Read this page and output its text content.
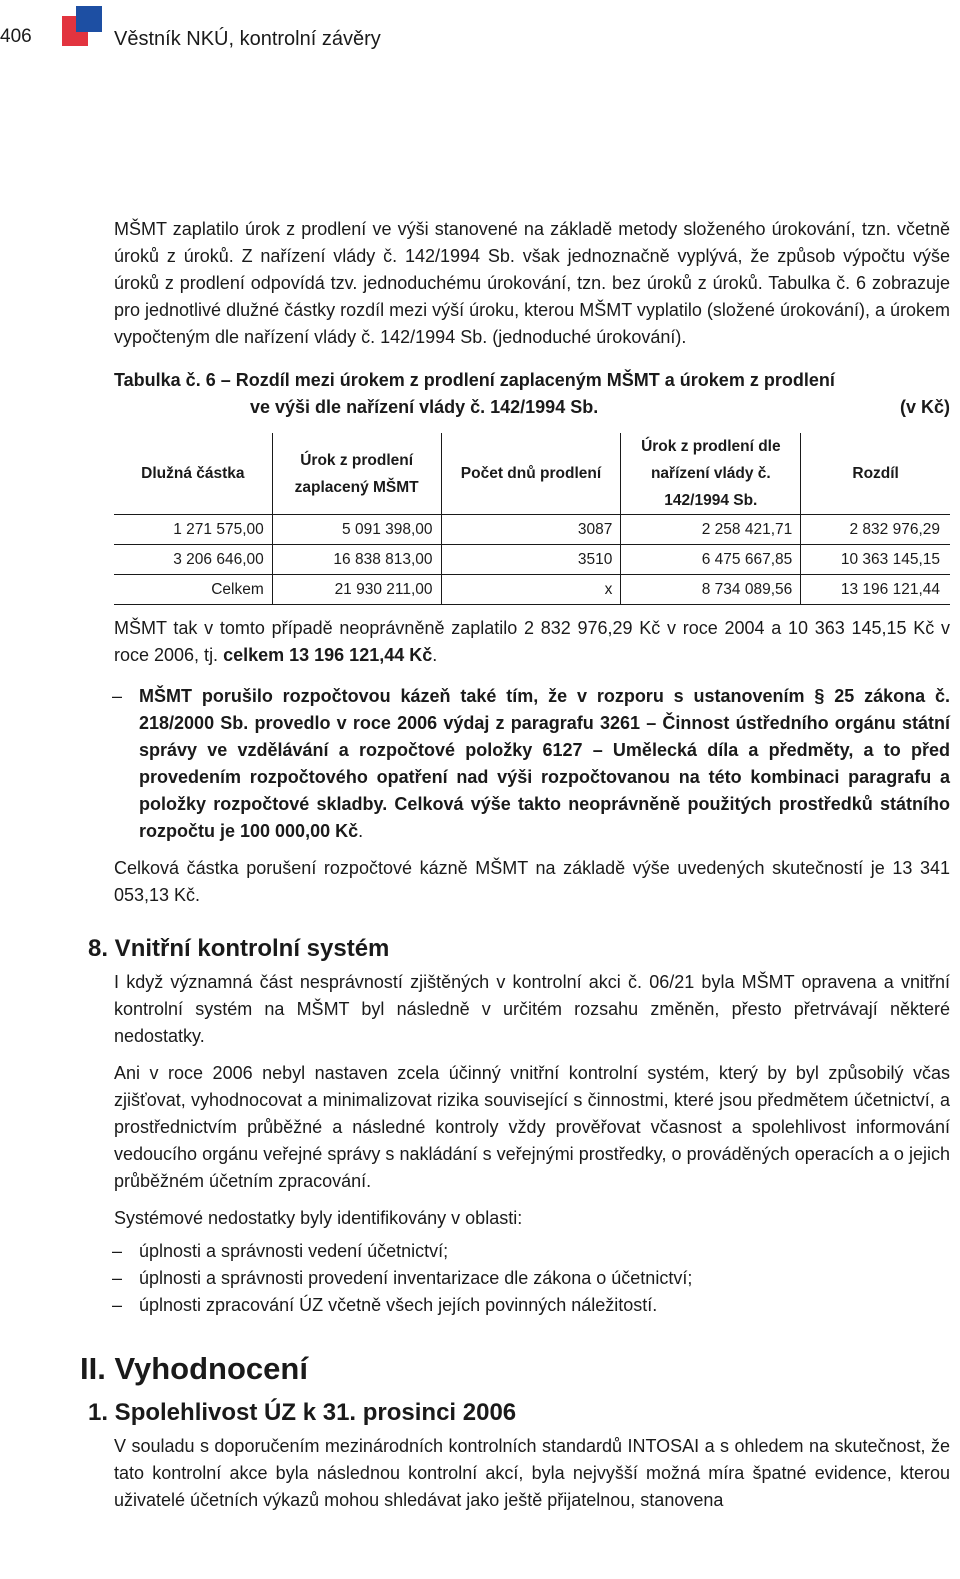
406	Věstník NKÚ, kontrolní závěry

MŠMT zaplatilo úrok z prodlení ve výši stanovené na základě metody složeného úrokování, tzn. včetně úroků z úroků. Z nařízení vlády č. 142/1994 Sb. však jednoznačně vyplývá, že způsob výpočtu výše úroků z prodlení odpovídá tzv. jednoduchému úrokování, tzn. bez úroků z úroků. Tabulka č. 6 zobrazuje pro jednotlivé dlužné částky rozdíl mezi výší úroku, kterou MŠMT vyplatilo (složené úrokování), a úrokem vypočteným dle nařízení vlády č. 142/1994 Sb. (jednoduché úrokování).

Tabulka č. 6 – Rozdíl mezi úrokem z prodlení zaplaceným MŠMT a úrokem z prodlení
ve výši dle nařízení vlády č. 142/1994 Sb.	(v Kč)
Dlužná částka	Úrok z prodlení zaplacený MŠMT	Počet dnů prodlení	Úrok z prodlení dle nařízení vlády č. 142/1994 Sb.	Rozdíl
1 271 575,00	5 091 398,00	3087	2 258 421,71	2 832 976,29
3 206 646,00	16 838 813,00	3510	6 475 667,85	10 363 145,15
Celkem	21 930 211,00	x	8 734 089,56	13 196 121,44

MŠMT tak v tomto případě neoprávněně zaplatilo 2 832 976,29 Kč v roce 2004 a 10 363 145,15 Kč v roce 2006, tj. celkem 13 196 121,44 Kč.

– MŠMT porušilo rozpočtovou kázeň také tím, že v rozporu s ustanovením § 25 zákona č. 218/2000 Sb. provedlo v roce 2006 výdaj z paragrafu 3261 – Činnost ústředního orgánu státní správy ve vzdělávání a rozpočtové položky 6127 – Umělecká díla a předměty, a to před provedením rozpočtového opatření nad výši rozpočtovanou na této kombinaci paragrafu a položky rozpočtové skladby. Celková výše takto neoprávněně použitých prostředků státního rozpočtu je 100 000,00 Kč.

Celková částka porušení rozpočtové kázně MŠMT na základě výše uvedených skutečností je 13 341 053,13 Kč.

8. Vnitřní kontrolní systém

I když významná část nesprávností zjištěných v kontrolní akci č. 06/21 byla MŠMT opravena a vnitřní kontrolní systém na MŠMT byl následně v určitém rozsahu změněn, přesto přetrvávají některé nedostatky.

Ani v roce 2006 nebyl nastaven zcela účinný vnitřní kontrolní systém, který by byl způsobilý včas zjišťovat, vyhodnocovat a minimalizovat rizika související s činnostmi, které jsou předmětem účetnictví, a prostřednictvím průběžné a následné kontroly vždy prověřovat včasnost a spolehlivost informování vedoucího orgánu veřejné správy s nakládání s veřejnými prostředky, o prováděných operacích a o jejich průběžném účetním zpracování.

Systémové nedostatky byly identifikovány v oblasti:

– úplnosti a správnosti vedení účetnictví;
– úplnosti a správnosti provedení inventarizace dle zákona o účetnictví;
– úplnosti zpracování ÚZ včetně všech jejích povinných náležitostí.
II. Vyhodnocení
1. Spolehlivost ÚZ k 31. prosinci 2006

V souladu s doporučením mezinárodních kontrolních standardů INTOSAI a s ohledem na skutečnost, že tato kontrolní akce byla následnou kontrolní akcí, byla nejvyšší možná míra špatné evidence, kterou uživatelé účetních výkazů mohou shledávat jako ještě přijatelnou, stanovena
